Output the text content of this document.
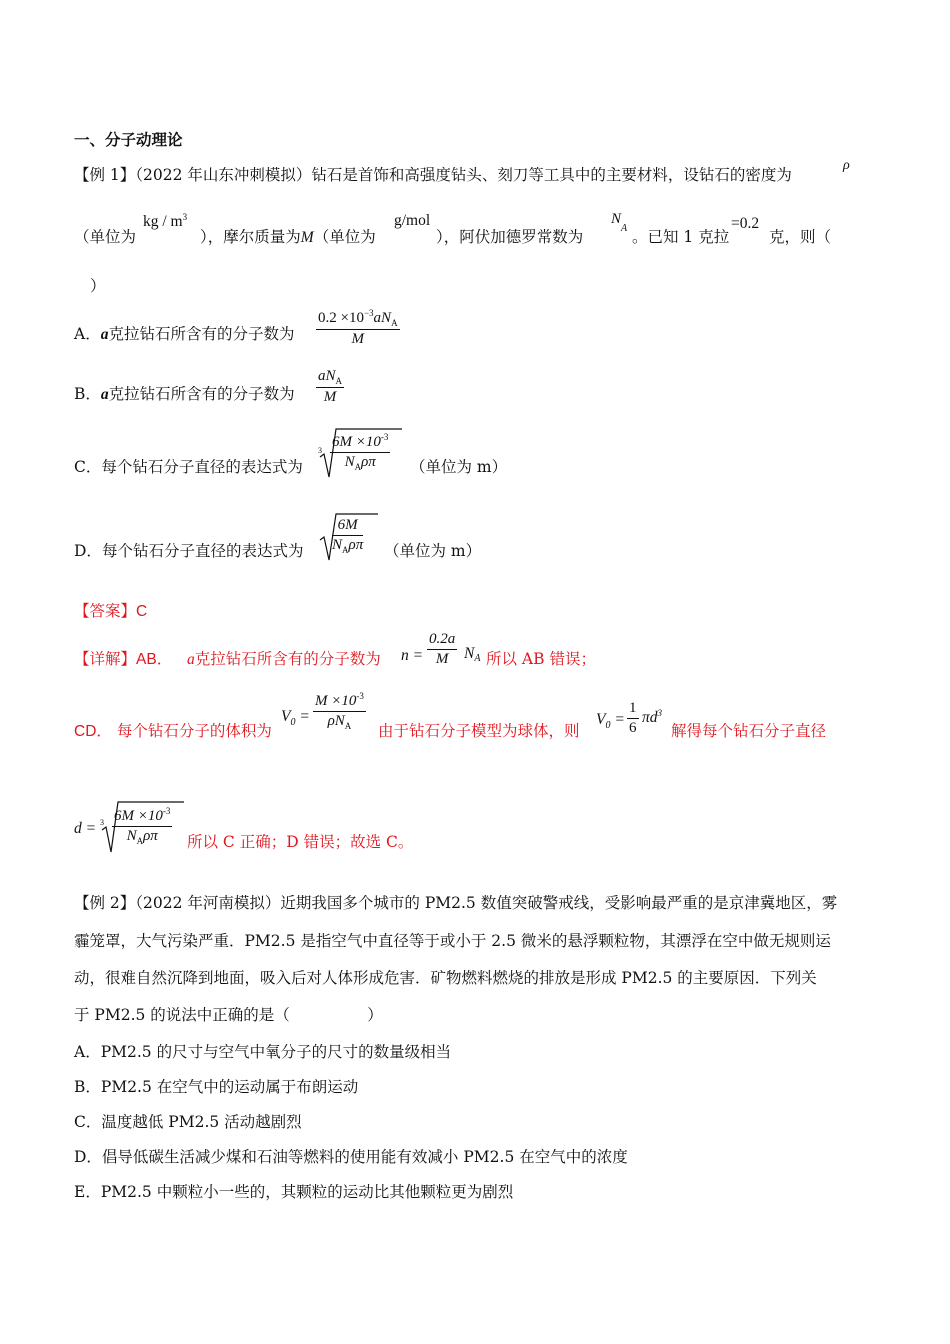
一、分子动理论
【例 1】（2022 年山东冲刺模拟）钻石是首饰和高强度钻头、刻刀等工具中的主要材料，设钻石的密度为
ρ
（单位为
kg / $m^3$
），摩尔质量为M（单位为
g/mol
），阿伏加德罗常数为
$N_A$ 。已知 1 克拉
=0.2
克，则（
）
A．a克拉钻石所含有的分子数为
$0.2 \times 10^{-3}aN_A$
M
B．a克拉钻石所含有的分子数为
$aN_A$
M
C．每个钻石分子直径的表达式为
3
$6M \times 10^{-3}$
$N_A\rho\pi$	（单位为 m）
D．每个钻石分子直径的表达式为
6M
$N_A\rho\pi$ （单位为 m）
【答案】C
【详解】AB． a克拉钻石所含有的分子数为 $n = \frac{0.2a}{M}$ NA 所以 AB 错误；
CD． 每个钻石分子的体积为
$V_0$ =
$M \times 10^{-3}$
$\rho N_A$	由于钻石分子模型为球体，则
$V_0 = \frac{1}{6} \pi d^3$
解得每个钻石分子直径
d = 3 $6M \times 10^{-3}$
$N_A\rho\pi$	所以 C 正确；D 错误；故选 C。
【例 2】（2022 年河南模拟）近期我国多个城市的 PM2.5 数值突破警戒线，受影响最严重的是京津冀地区，雾
霾笼罩，大气污染严重．PM2.5 是指空气中直径等于或小于 2.5 微米的悬浮颗粒物，其漂浮在空中做无规则运
动，很难自然沉降到地面，吸入后对人体形成危害．矿物燃料燃烧的排放是形成 PM2.5 的主要原因．下列关
于 PM2.5 的说法中正确的是（　　　　　）
A．PM2.5 的尺寸与空气中氧分子的尺寸的数量级相当
B．PM2.5 在空气中的运动属于布朗运动
C．温度越低 PM2.5 活动越剧烈
D．倡导低碳生活减少煤和石油等燃料的使用能有效减小 PM2.5 在空气中的浓度
E．PM2.5 中颗粒小一些的，其颗粒的运动比其他颗粒更为剧烈
